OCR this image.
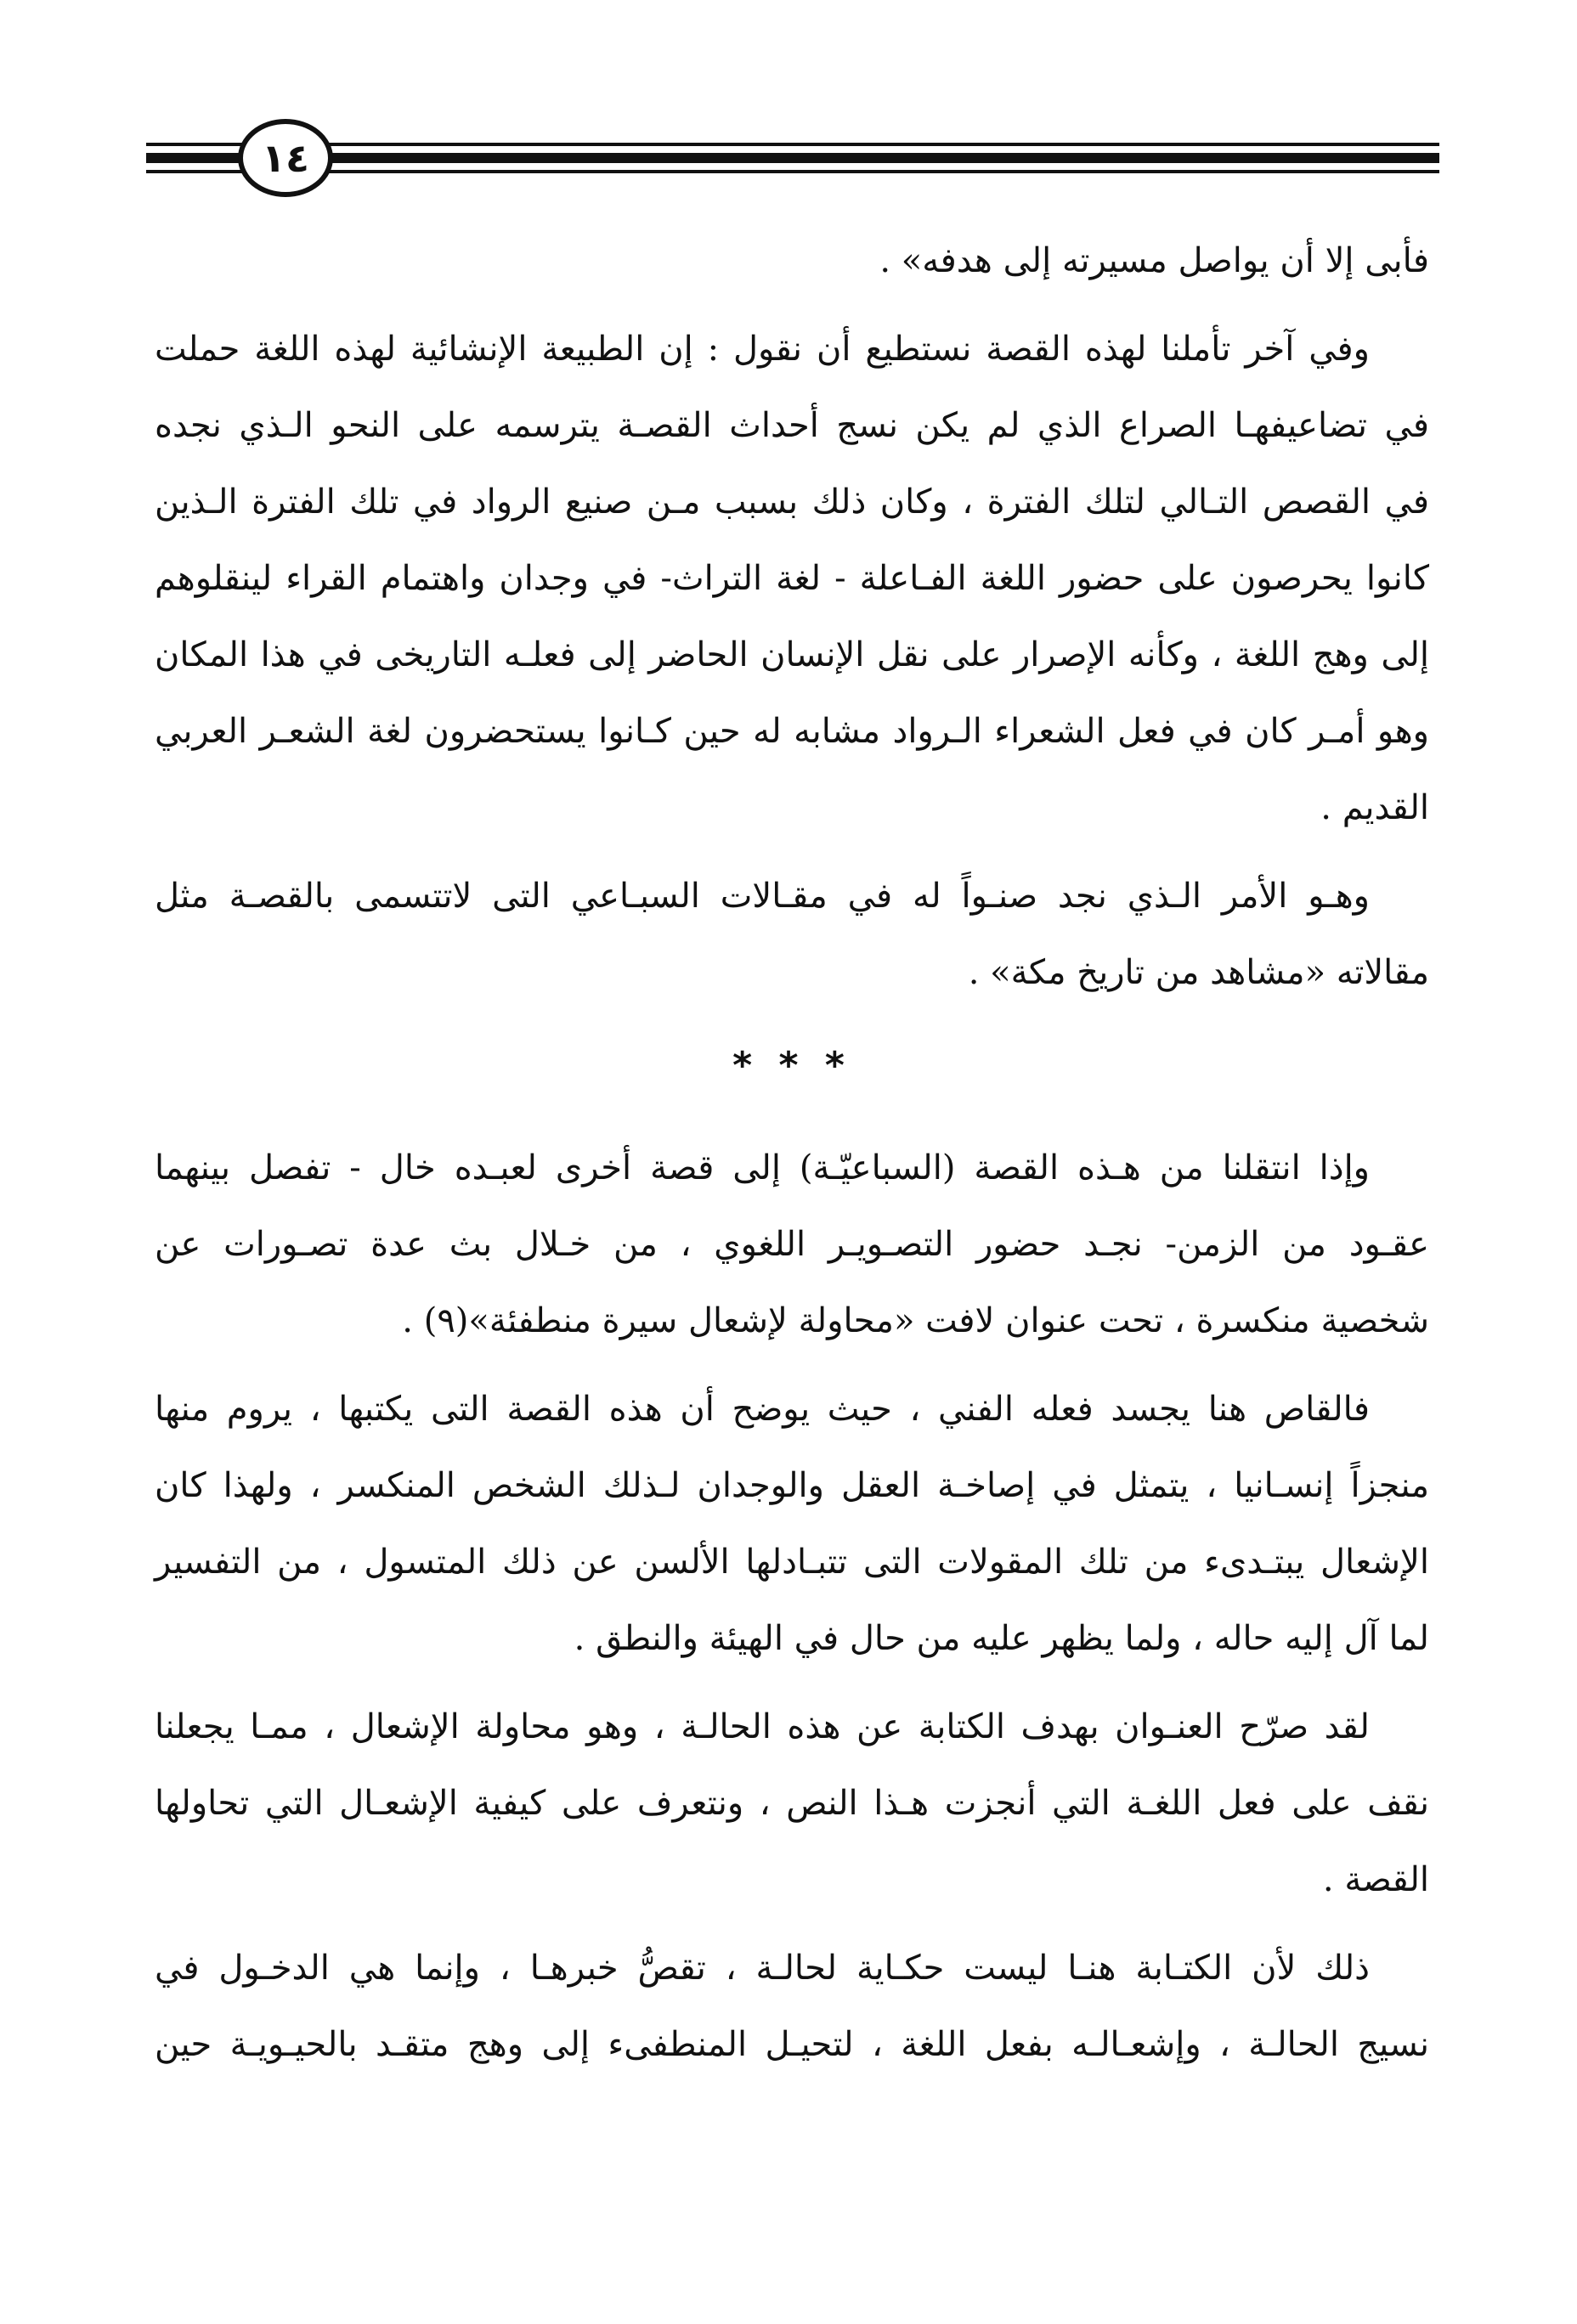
١٤

فأبى إلا أن يواصل مسيرته إلى هدفه» .

وفي آخر تأملنا لهذه القصة نستطيع أن نقول : إن الطبيعة الإنشائية لهذه اللغة حملت
في تضاعيفهـا الصراع الذي لم يكن نسج أحداث القصـة يترسمه على النحو الـذي نجده
في القصص التـالي لتلك الفترة ، وكان ذلك بسبب مـن صنيع الرواد في تلك الفترة الـذين
كانوا يحرصون على حضور اللغة الفـاعلة - لغة التراث- في وجدان واهتمام القراء لينقلوهم
إلى وهج اللغة ، وكأنه الإصرار على نقل الإنسان الحاضر إلى فعلـه التاريخى في هذا المكان
وهو أمـر كان في فعل الشعراء الـرواد مشابه له حين كـانوا يستحضرون لغة الشعـر العربي
القديم .

وهـو الأمر الـذي نجد صنـواً له في مقـالات السبـاعي التى لاتتسمى بالقصـة مثل
مقالاته «مشاهد من تاريخ مكة» .

* * *

وإذا انتقلنا من هـذه القصة (السباعيّـة) إلى قصة أخرى لعبـده خال - تفصل بينهما
عقـود من الزمن- نجـد حضور التصـويـر اللغوي ، من خـلال بث عدة تصـورات عن
شخصية منكسرة ، تحت عنوان لافت «محاولة لإشعال سيرة منطفئة»(٩) .

فالقاص هنا يجسد فعله الفني ، حيث يوضح أن هذه القصة التى يكتبها ، يروم منها
منجزاً إنسـانيا ، يتمثل في إصاخـة العقل والوجدان لـذلك الشخص المنكسر ، ولهذا كان
الإشعال يبتـدىء من تلك المقولات التى تتبـادلها الألسن عن ذلك المتسول ، من التفسير
لما آل إليه حاله ، ولما يظهر عليه من حال في الهيئة والنطق .

لقد صرّح العنـوان بهدف الكتابة عن هذه الحالـة ، وهو محاولة الإشعال ، ممـا يجعلنا
نقف على فعل اللغـة التي أنجزت هـذا النص ، ونتعرف على كيفية الإشعـال التي تحاولها
القصة .

ذلك لأن الكتـابة هنـا ليست حكـاية لحالـة ، تقصُّ خبرهـا ، وإنما هي الدخـول في
نسيج الحالـة ، وإشعـالـه بفعل اللغة ، لتحيـل المنطفىء إلى وهج متقـد بالحيـويـة حين
